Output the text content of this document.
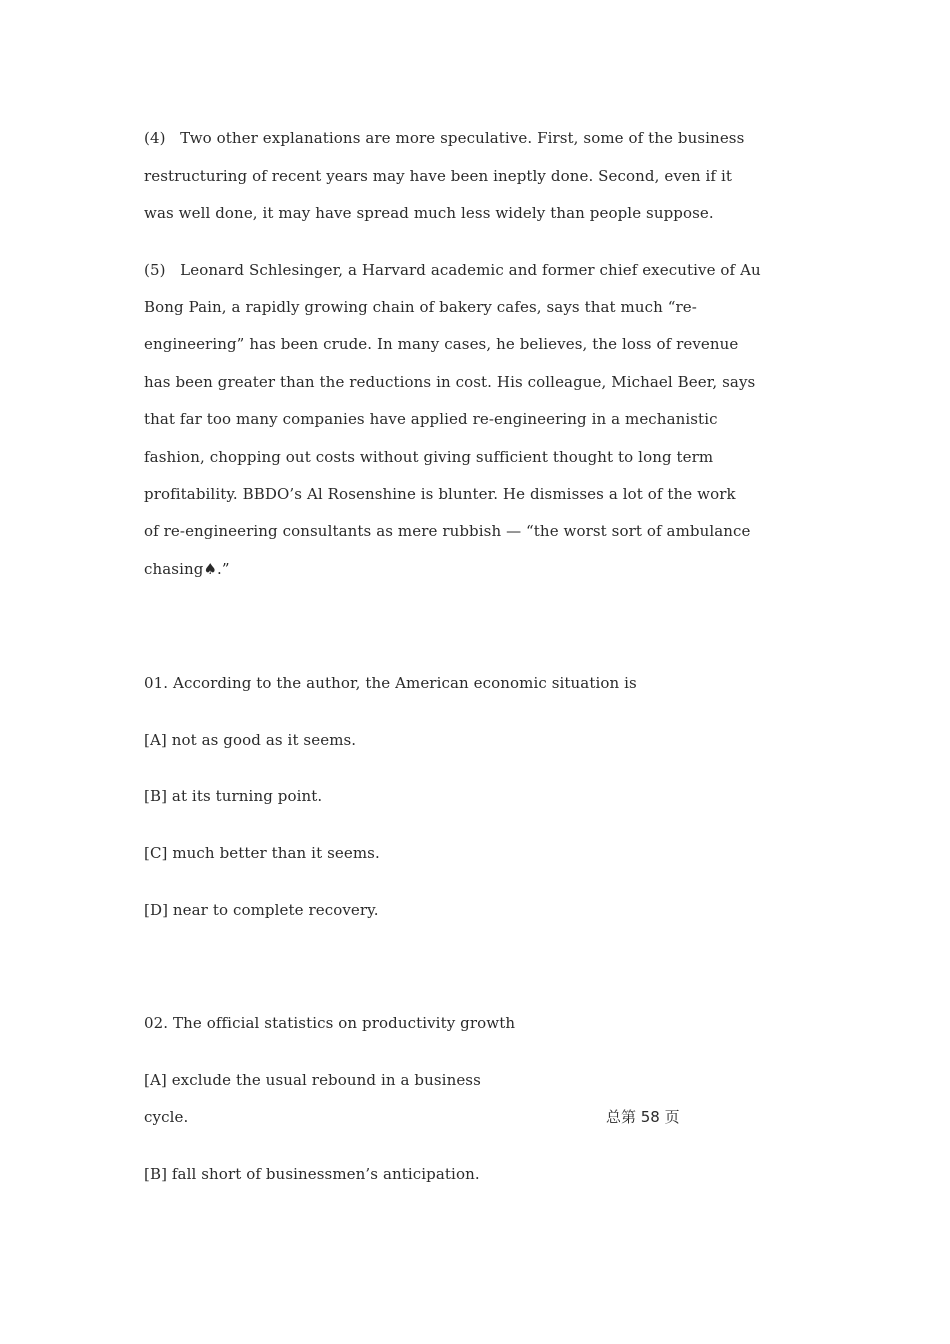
(4)   Two other explanations are more speculative. First, some of the business
restructuring of recent years may have been ineptly done. Second, even if it
was well done, it may have spread much less widely than people suppose.
(5)   Leonard Schlesinger, a Harvard academic and former chief executive of Au
Bong Pain, a rapidly growing chain of bakery cafes, says that much “re-
engineering” has been crude. In many cases, he believes, the loss of revenue
has been greater than the reductions in cost. His colleague, Michael Beer, says
that far too many companies have applied re-engineering in a mechanistic
fashion, chopping out costs without giving sufficient thought to long term
profitability. BBDO’s Al Rosenshine is blunter. He dismisses a lot of the work
of re-engineering consultants as mere rubbish — “the worst sort of ambulance
chasing♠.”
01. According to the author, the American economic situation is
[A] not as good as it seems.
[B] at its turning point.
[C] much better than it seems.
[D] near to complete recovery.
02. The official statistics on productivity growth
[A] exclude the usual rebound in a business
cycle.
[B] fall short of businessmen’s anticipation.
总第 58 页
